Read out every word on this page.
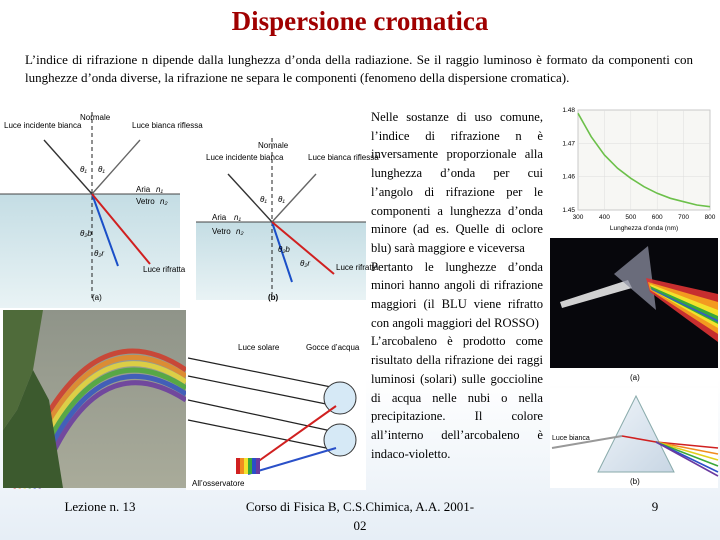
Dispersione cromatica
L’indice di rifrazione n dipende dalla lunghezza d’onda della radiazione. Se il raggio luminoso è formato da componenti con lunghezze d’onda diverse, la rifrazione ne separa le componenti (fenomeno della dispersione cromatica).
Normale
Luce incidente bianca	Luce bianca riflessa
θ₁ θ₁
Aria n₁
Vetro n₂
θ₂b
θ₂r
Luce rifratta
(a)
Normale
Luce incidente bianca	Luce bianca riflessa
θ₁ θ₁
Aria n₁
Vetro n₂
θ₂b
θ₂r	Luce rifratta
(b)
Luce solare	Gocce d’acqua
All’osservatore

Nelle sostanze di uso comune, l’indice di rifrazione n è inversamente proporzionale alla lunghezza d’onda per cui l’angolo di rifrazione per le componenti a lunghezza d’onda minore (ad es. Quelle di oclore blu) sarà maggiore e viceversa

Pertanto le lunghezze d’onda minori hanno angoli di rifrazione maggiori (il BLU viene rifratto con angoli maggiori del ROSSO)

L’arcobaleno è prodotto come risultato della rifrazione dei raggi luminosi (solari) sulle goccioline di acqua nelle nubi o nella precipitazione. Il colore all’interno dell’arcobaleno è indaco-violetto.

300 400 500 600 700 800
1.45
1.46
1.47
1.48
Lunghezza d’onda (nm)
(a)
Luce bianca
(b)
Lezione n. 13	Corso di Fisica B, C.S.Chimica, A.A. 2001-02
9
